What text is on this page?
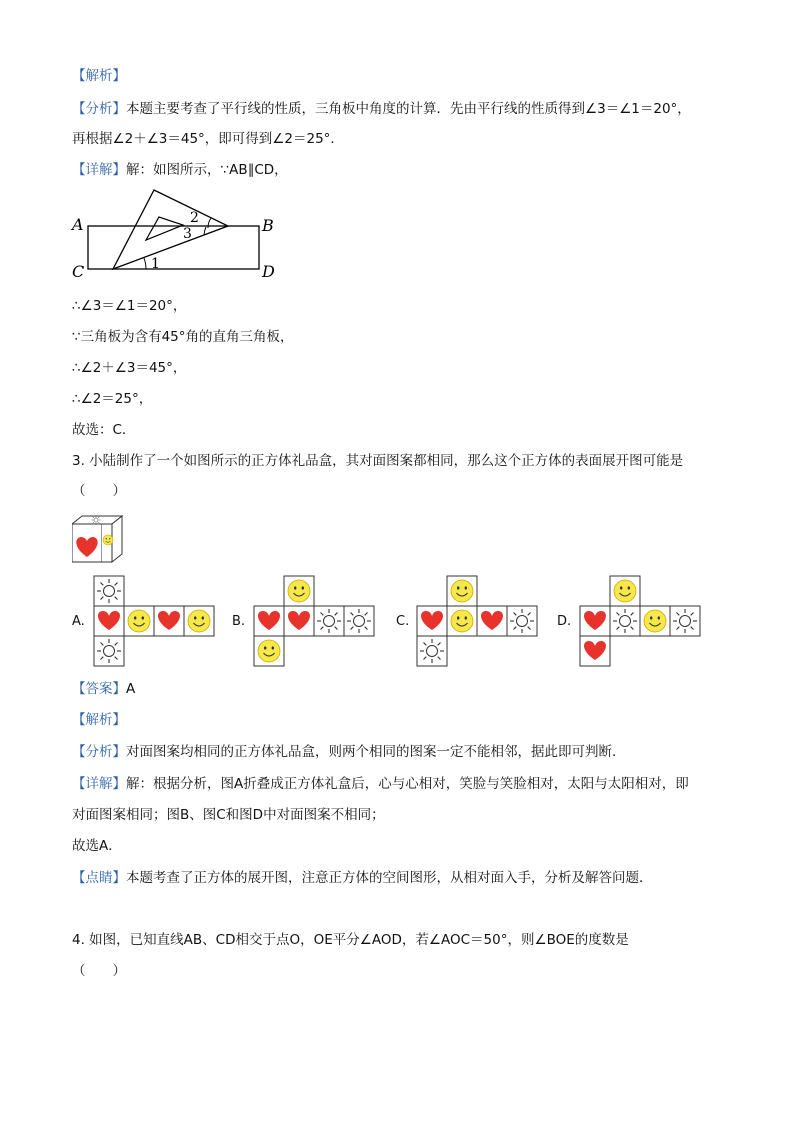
【解析】
【分析】本题主要考查了平行线的性质，三角板中角度的计算．先由平行线的性质得到∠3＝∠1＝20°，
再根据∠2＋∠3＝45°，即可得到∠2＝25°．
【详解】解：如图所示，∵AB∥CD，
A	B
C	D
1
2
3
∴∠3＝∠1＝20°，
∵三角板为含有45°角的直角三角板，
∴∠2＋∠3＝45°，
∴∠2＝25°，
故选：C．
3. 小陆制作了一个如图所示的正方体礼品盒，其对面图案都相同，那么这个正方体的表面展开图可能是
（　　）
A.	B.	C.	D.
【答案】A
【解析】
【分析】对面图案均相同的正方体礼品盒，则两个相同的图案一定不能相邻，据此即可判断．
【详解】解：根据分析，图A折叠成正方体礼盒后，心与心相对，笑脸与笑脸相对，太阳与太阳相对，即
对面图案相同；图B、图C和图D中对面图案不相同；
故选A．
【点睛】本题考查了正方体的展开图，注意正方体的空间图形，从相对面入手，分析及解答问题．
4. 如图，已知直线AB、CD相交于点O，OE平分∠AOD，若∠AOC＝50°，则∠BOE的度数是
（　　）
